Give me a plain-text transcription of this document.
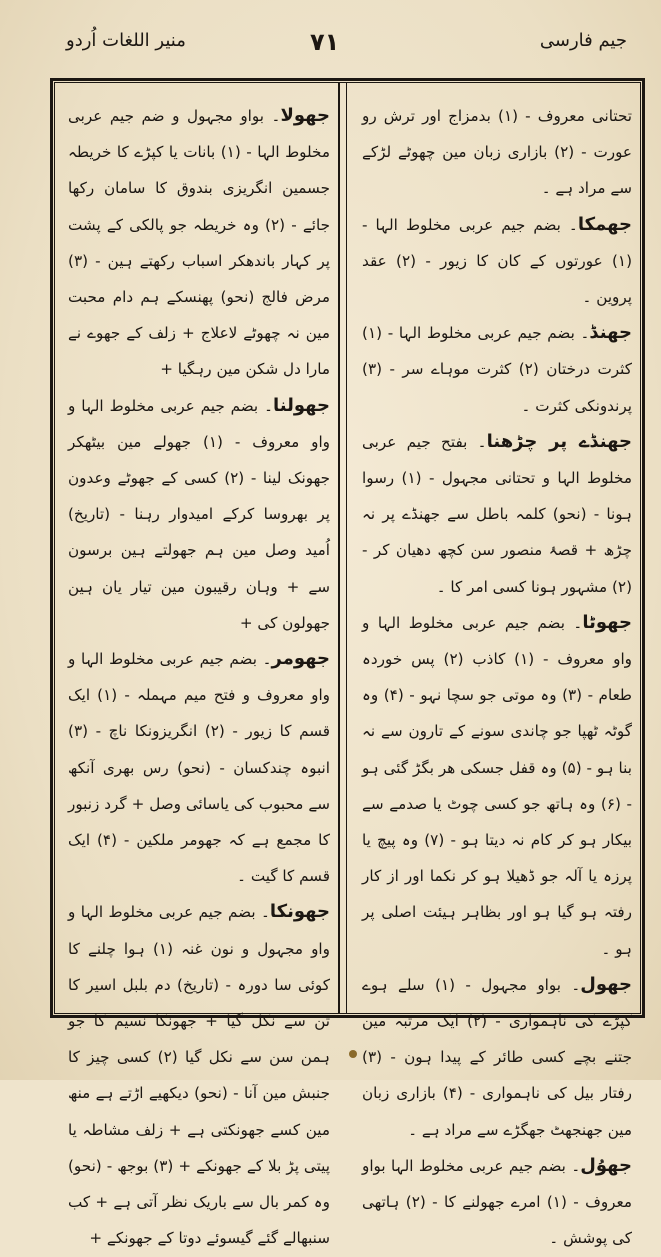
جیم فارسی
۷۱
منیر اللغات اُردو

تحتانی معروف - (۱) بدمزاج اور ترش رو عورت - (۲) بازاری زبان مین چھوٹے لڑکے سے مراد ہے ۔

جھمکا۔ بضم جیم عربی مخلوط الہا - (۱) عورتوں کے کان کا زیور - (۲) عقد پروین ۔

جھنڈ۔ بضم جیم عربی مخلوط الہا - (۱) کثرت درختان (۲) کثرت موہاے سر - (۳) پرندونکی کثرت ۔

جھنڈے پر چڑھنا۔ بفتح جیم عربی مخلوط الہا و تحتانی مجہول - (۱) رسوا ہونا - (نحو) کلمہ باطل سے جھنڈے پر نہ چڑھ + قصۂ منصور سن کچھ دھیان کر - (۲) مشہور ہونا کسی امر کا ۔

جھوٹا۔ بضم جیم عربی مخلوط الہا و واو معروف - (۱) کاذب (۲) پس خوردہ طعام - (۳) وہ موتی جو سچا نہو - (۴) وہ گوٹہ ٹھپا جو چاندی سونے کے تارون سے نہ بنا ہو - (۵) وہ قفل جسکی ھر بگڑ گئی ہو - (۶) وہ ہاتھ جو کسی چوٹ یا صدمے سے بیکار ہو کر کام نہ دیتا ہو - (۷) وہ پیچ یا پرزہ یا آلہ جو ڈھیلا ہو کر نکما اور از کار رفتہ ہو گیا ہو اور بظاہر ہیئت اصلی پر ہو ۔

جھول۔ بواو مجہول - (۱) سلے ہوے کپڑے کی ناہمواری - (۲) ایک مرتبہ مین جتنے بچے کسی طائر کے پیدا ہون - (۳) رفتار بیل کی ناہمواری - (۴) بازاری زبان مین جھنجھٹ جھگڑے سے مراد ہے ۔

جھوُل۔ بضم جیم عربی مخلوط الہا بواو معروف - (۱) امرے جھولنے کا - (۲) ہاتھی کی پوشش ۔

جھولا۔ بواو مجہول و ضم جیم عربی مخلوط الہا - (۱) بانات یا کپڑے کا خریطہ جسمین انگریزی بندوق کا سامان رکھا جائے - (۲) وہ خریطہ جو پالکی کے پشت پر کہار باندھکر اسباب رکھتے ہین - (۳) مرض فالج (نحو) پھنسکے ہم دام محبت مین نہ چھوٹے لاعلاج + زلف کے جھوے نے مارا دل شکن مین رہگیا +

جھولنا۔ بضم جیم عربی مخلوط الہا و واو معروف - (۱) جھولے مین بیٹھکر جھونک لینا - (۲) کسی کے جھوٹے وعدون پر بھروسا کرکے امیدوار رہنا - (تاریخ) اُمید وصل مین ہم جھولتے ہین برسون سے + وہان رقیبون مین تیار یان ہین جھولون کی +

جھومر۔ بضم جیم عربی مخلوط الہا و واو معروف و فتح میم مہملہ - (۱) ایک قسم کا زیور - (۲) انگریزونکا ناچ - (۳) انبوہ چندکسان - (نحو) رس بھری آنکھ سے محبوب کی یاسائی وصل + گرد زنبور کا مجمع ہے کہ جھومر ملکین - (۴) ایک قسم کا گیت ۔

جھونکا۔ بضم جیم عربی مخلوط الہا و واو مجہول و نون غنہ (۱) ہوا چلنے کا کوئی سا دورہ - (تاریخ) دم بلبل اسیر کا تن سے نکل گیا + جھونکا نسیم کا جو ہمن سن سے نکل گیا (۲) کسی چیز کا جنبش مین آنا - (نحو) دیکھیے اڑتے ہے منھ مین کسے جھونکتی ہے + زلف مشاطہ یا پیتی پڑ بلا کے جھونکے + (۳) بوجھ - (نحو) وہ کمر بال سے باریک نظر آتی ہے + کب سنبھالے گئے گیسوئے دوتا کے جھونکے +
